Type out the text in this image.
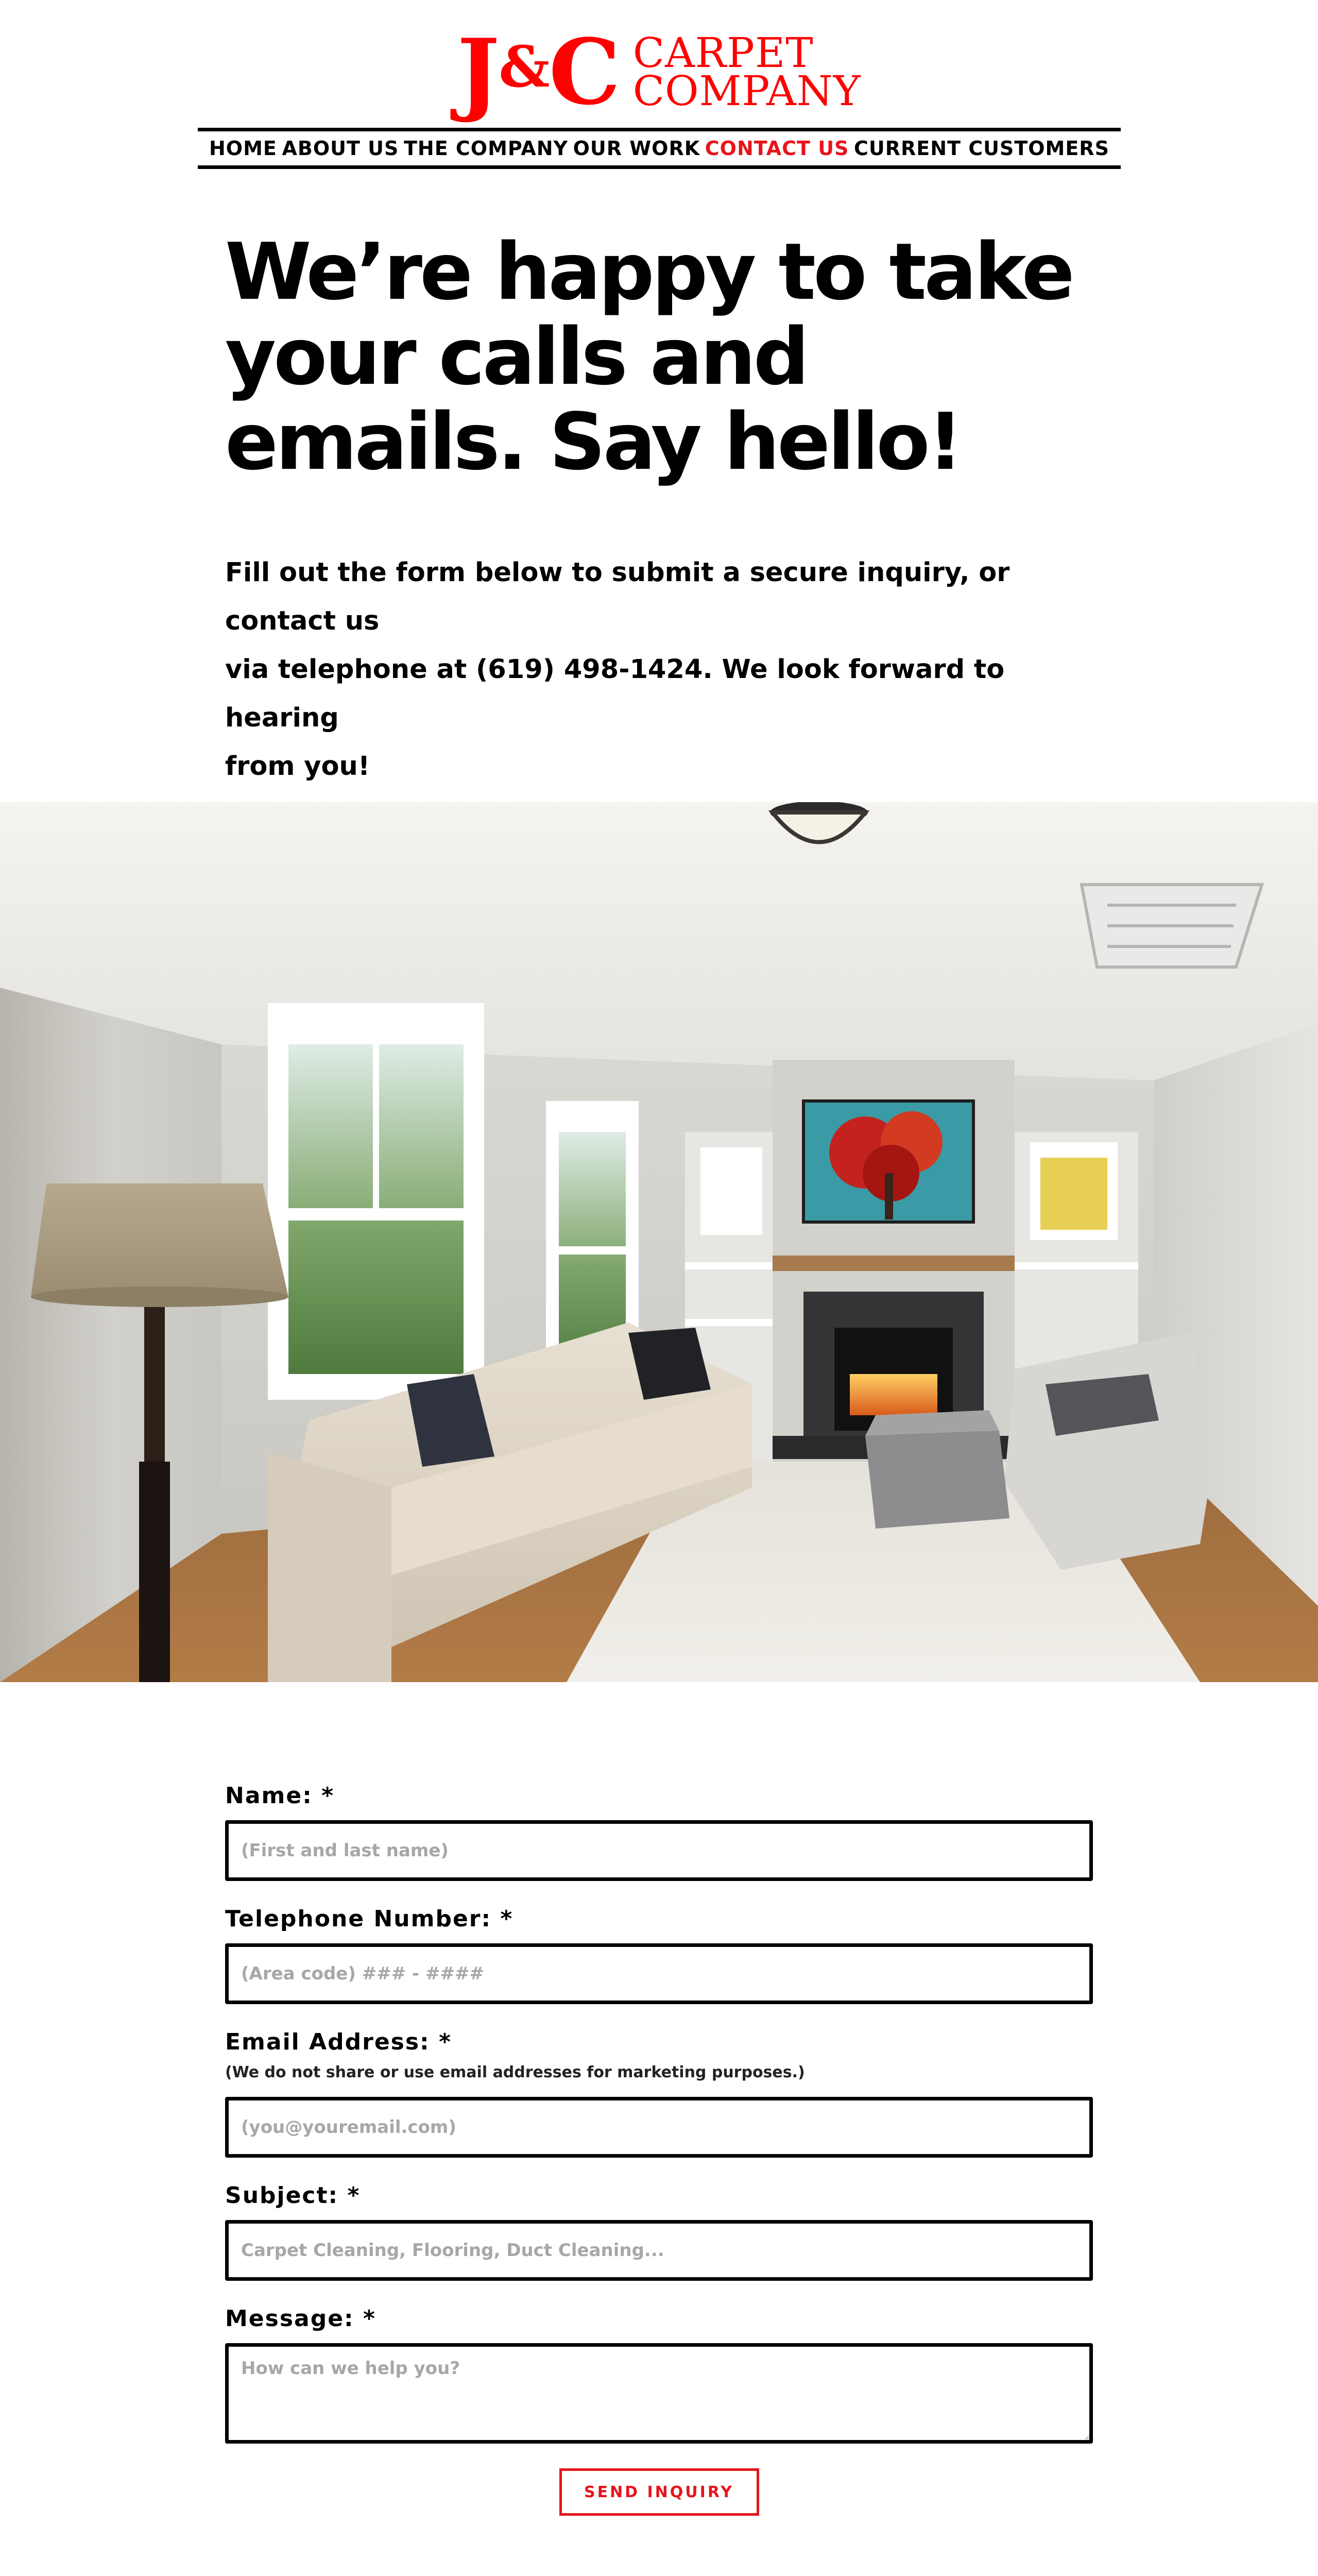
J & C CARPET
COMPANY
HOME ABOUT US THE COMPANY OUR WORK CONTACT US CURRENT CUSTOMERS
We’re happy to take
your calls and
emails. Say hello!

Fill out the form below to submit a secure inquiry, or contact us
via telephone at (619) 498-1424. We look forward to hearing
from you!

Name: *
(First and last name)
Telephone Number: *
(Area code) ### - ####
Email Address: *
(We do not share or use email addresses for marketing purposes.)
(you@youremail.com)
Subject: *
Carpet Cleaning, Flooring, Duct Cleaning...
Message: *
How can we help you?
SEND INQUIRY
